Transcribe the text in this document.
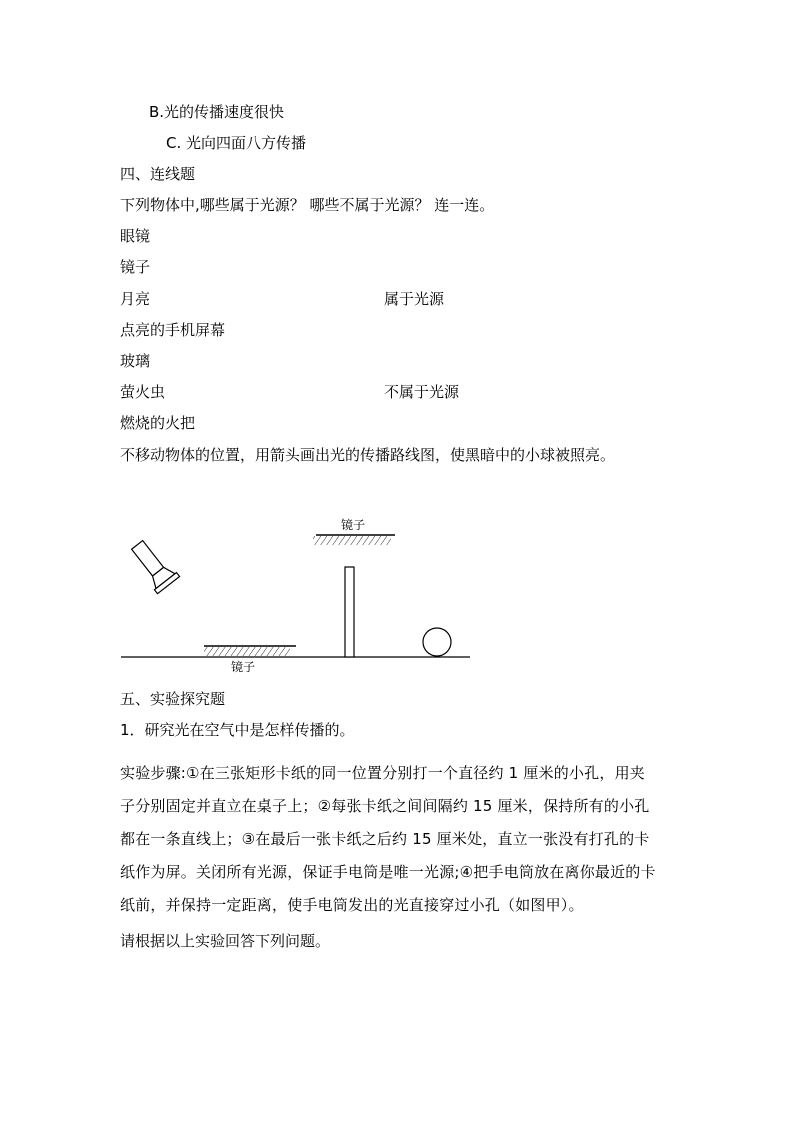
B.光的传播速度很快
C. 光向四面八方传播
四、连线题
下列物体中,哪些属于光源？ 哪些不属于光源？ 连一连。
眼镜
镜子
月亮	属于光源
点亮的手机屏幕
玻璃
萤火虫	不属于光源
燃烧的火把
不移动物体的位置，用箭头画出光的传播路线图，使黑暗中的小球被照亮。
镜子
镜子
五、实验探究题
1．研究光在空气中是怎样传播的。
实验步骤:①在三张矩形卡纸的同一位置分别打一个直径约 1 厘米的小孔，用夹
子分别固定并直立在桌子上；②每张卡纸之间间隔约 15 厘米，保持所有的小孔
都在一条直线上；③在最后一张卡纸之后约 15 厘米处，直立一张没有打孔的卡
纸作为屏。关闭所有光源，保证手电筒是唯一光源;④把手电筒放在离你最近的卡
纸前，并保持一定距离，使手电筒发出的光直接穿过小孔（如图甲）。
请根据以上实验回答下列问题。
